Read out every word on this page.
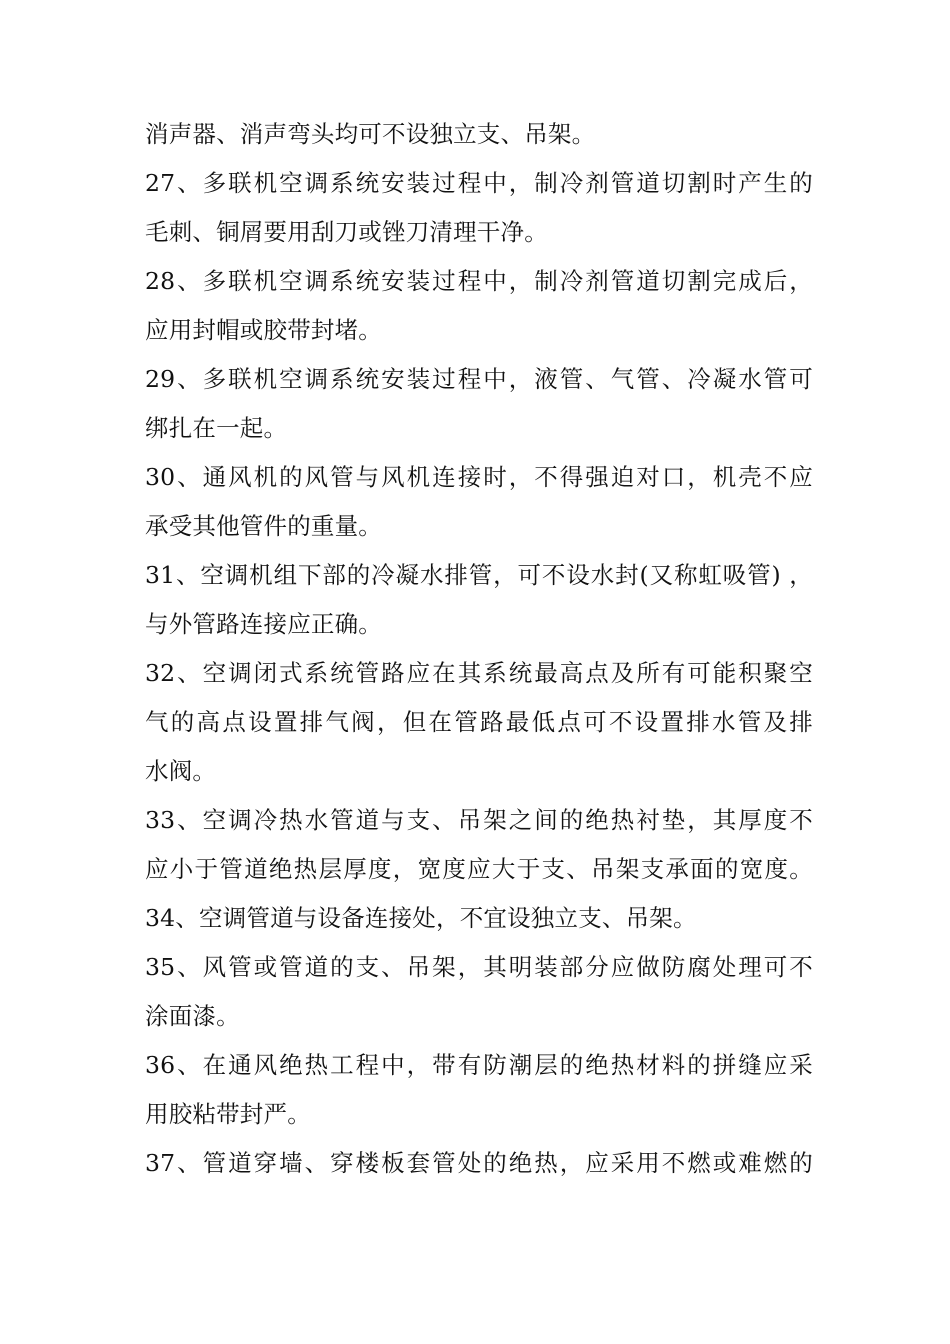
消声器、消声弯头均可不设独立支、吊架。
27、多联机空调系统安装过程中，制冷剂管道切割时产生的
毛刺、铜屑要用刮刀或锉刀清理干净。
28、多联机空调系统安装过程中，制冷剂管道切割完成后，
应用封帽或胶带封堵。
29、多联机空调系统安装过程中，液管、气管、冷凝水管可
绑扎在一起。
30、通风机的风管与风机连接时，不得强迫对口，机壳不应
承受其他管件的重量。
31、空调机组下部的冷凝水排管，可不设水封(又称虹吸管) ，
与外管路连接应正确。
32、空调闭式系统管路应在其系统最高点及所有可能积聚空
气的高点设置排气阀，但在管路最低点可不设置排水管及排
水阀。
33、空调冷热水管道与支、吊架之间的绝热衬垫，其厚度不
应小于管道绝热层厚度，宽度应大于支、吊架支承面的宽度。
34、空调管道与设备连接处，不宜设独立支、吊架。
35、风管或管道的支、吊架，其明装部分应做防腐处理可不
涂面漆。
36、在通风绝热工程中，带有防潮层的绝热材料的拼缝应采
用胶粘带封严。
37、管道穿墙、穿楼板套管处的绝热，应采用不燃或难燃的
